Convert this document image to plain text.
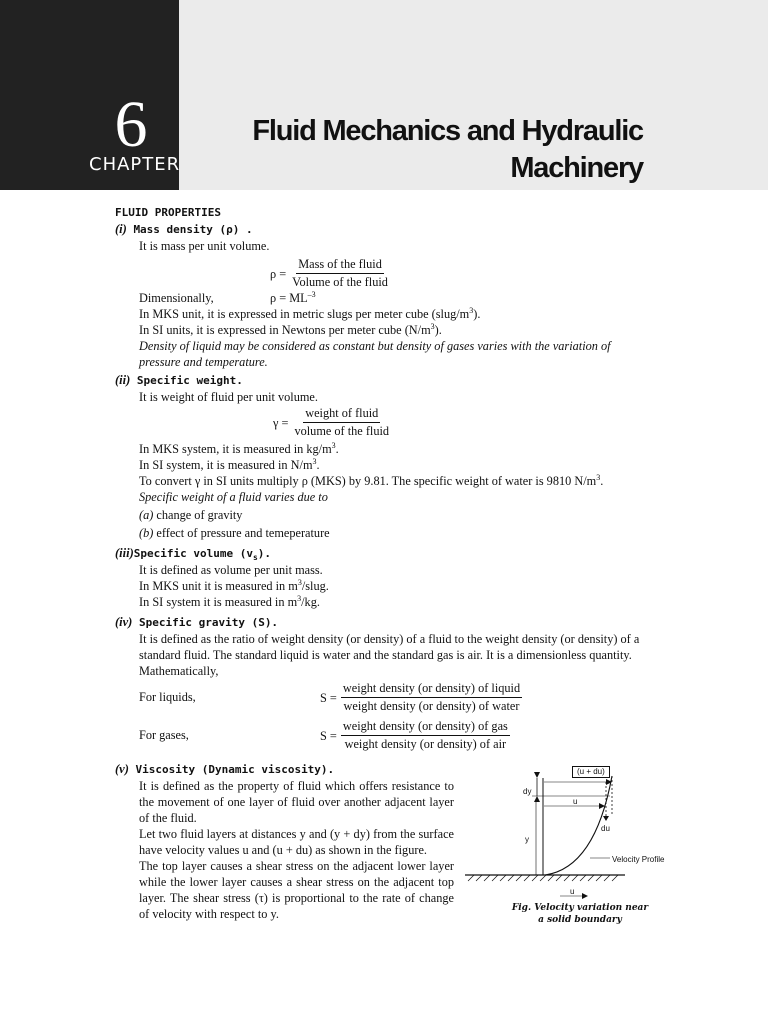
6
CHAPTER
Fluid Mechanics and Hydraulic
Machinery
FLUID PROPERTIES
(i) Mass density (ρ) .
It is mass per unit volume.
ρ =
Mass of the fluid
Volume of the fluid
Dimensionally,	$\rho = ML^{-3}$
In MKS unit, it is expressed in metric slugs per meter cube $(slug/m^3)$.
In SI units, it is expressed in Newtons per meter cube $(N/m^3)$.
Density of liquid may be considered as constant but density of gases varies with the variation of
pressure and temperature.
(ii) Specific weight.
It is weight of fluid per unit volume.
γ =
weight of fluid
volume of the fluid
In MKS system, it is measured in $kg/m^3$.
In SI system, it is measured in $N/m^3$.
To convert γ in SI units multiply ρ (MKS) by 9.81. The specific weight of water is 9810 $N/m^3$.
Specific weight of a fluid varies due to
(a) change of gravity
(b) effect of pressure and temeperature
(iii)Specific volume $(v_s)$.
It is defined as volume per unit mass.
In MKS unit it is measured in $m^3$/slug.
In SI system it is measured in $m^3/kg$.
(iv) Specific gravity (S).
It is defined as the ratio of weight density (or density) of a fluid to the weight density (or density) of a
standard fluid. The standard liquid is water and the standard gas is air. It is a dimensionless quantity.
Mathematically,
For liquids,	S =
weight density (or density) of liquid
weight density (or density) of water
For gases,	S =
weight density (or density) of gas
weight density (or density) of air
(v) Viscosity (Dynamic viscosity).
It is defined as the property of fluid which offers resistance to the movement of one layer of fluid over another adjacent layer of the fluid.
Let two fluid layers at distances y and (y + dy) from the surface have velocity values u and (u + du) as shown in the figure.
The top layer causes a shear stress on the adjacent lower layer while the lower layer causes a shear stress on the adjacent top layer. The shear stress (τ) is proportional to the rate of change of velocity with respect to y.
(u + du)
dy
u
y
du
Velocity Profile
u
Fig. Velocity variation near
a solid boundary
